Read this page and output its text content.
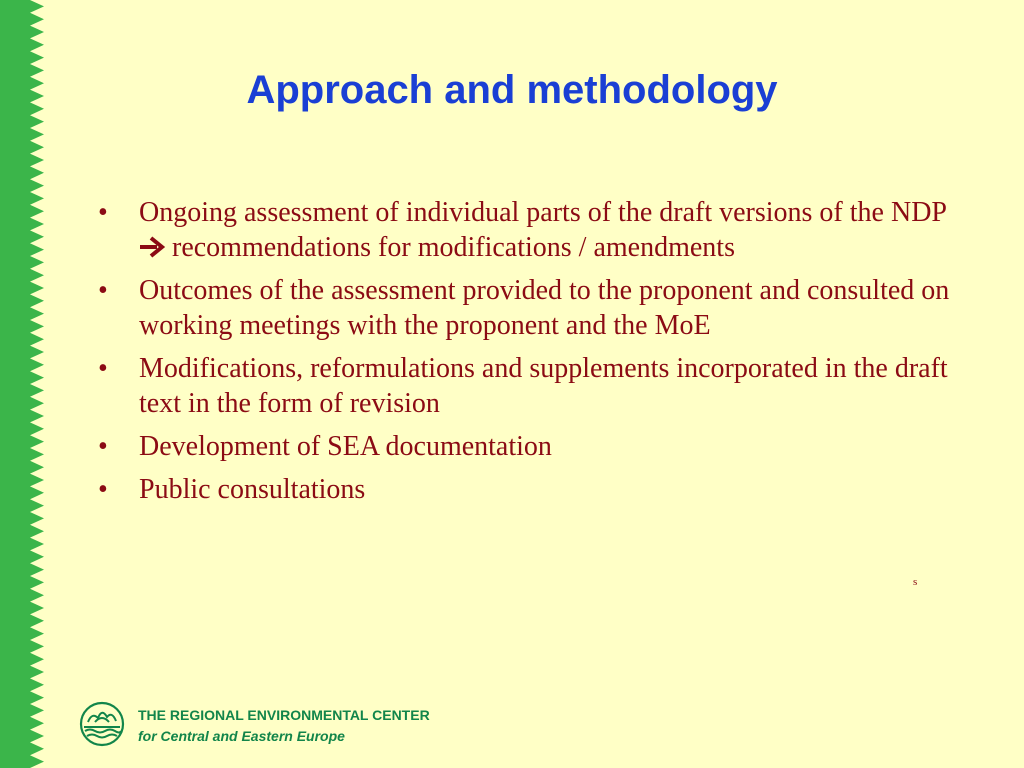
Approach and methodology
• Ongoing assessment of individual parts of the draft versions of the NDP  recommendations for modifications / amendments
• Outcomes of the assessment provided to the proponent and consulted on working meetings with the proponent and the MoE
• Modifications, reformulations and supplements incorporated in the draft text in the form of revision
• Development of SEA documentation
• Public consultations
s
THE REGIONAL ENVIRONMENTAL CENTER
for Central and Eastern Europe
